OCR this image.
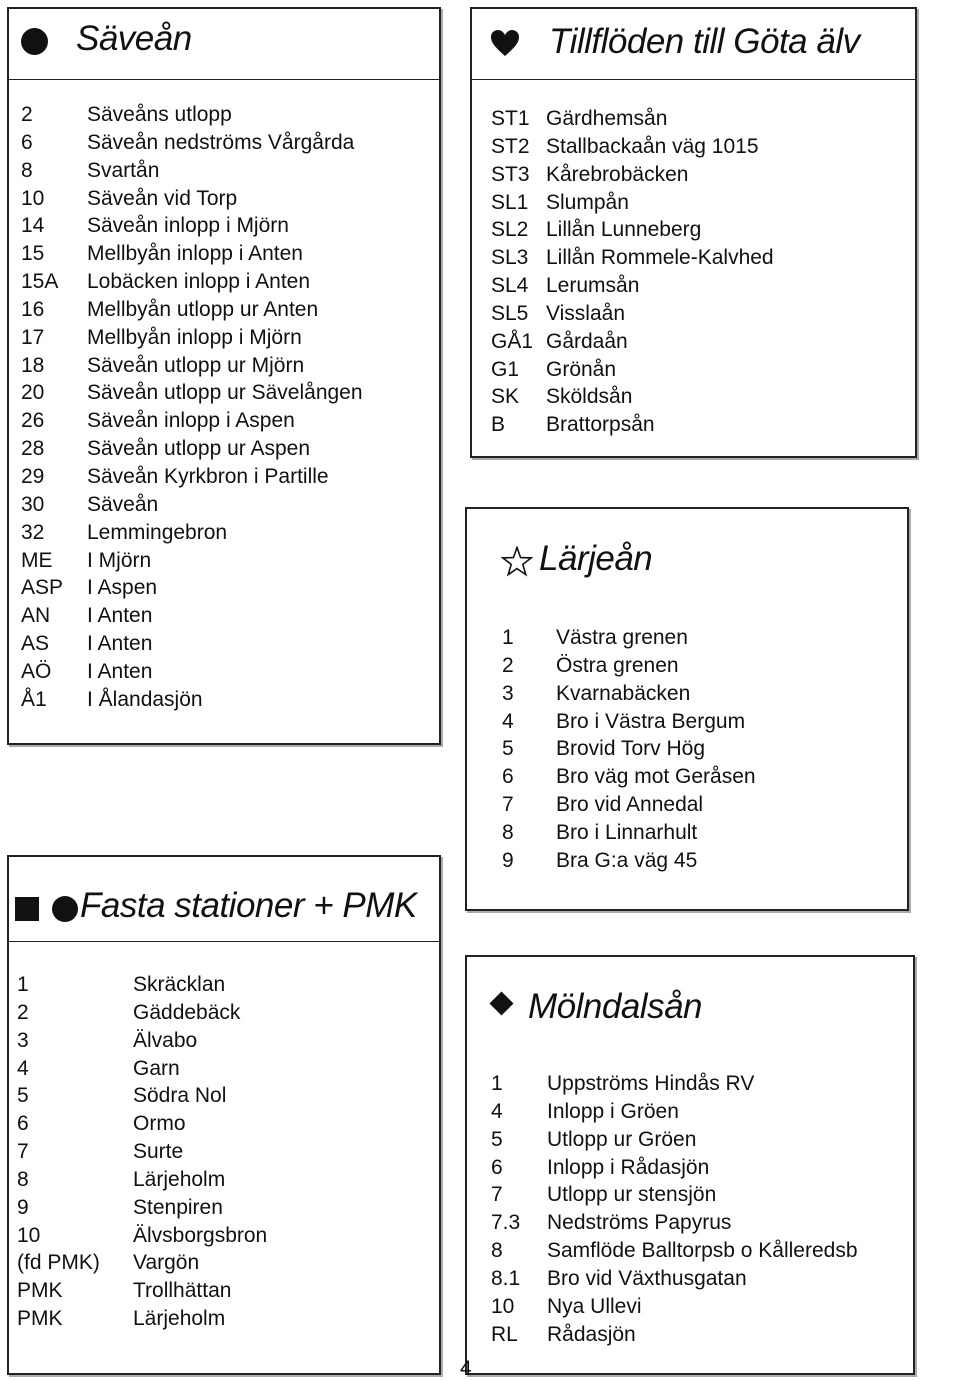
Säveån
2	Säveåns utlopp
6	Säveån nedströms Vårgårda
8	Svartån
10 Säveån vid Torp
14 Säveån inlopp i Mjörn
15 Mellbyån inlopp i Anten
15A Lobäcken inlopp i Anten
16 Mellbyån utlopp ur Anten
17 Mellbyån inlopp i Mjörn
18 Säveån utlopp ur Mjörn
20 Säveån utlopp ur Sävelången
26 Säveån inlopp i Aspen
28 Säveån utlopp ur Aspen
29 Säveån Kyrkbron i Partille
30 Säveån
32 Lemmingebron
ME I Mjörn
ASP I Aspen
AN I Anten
AS I Anten
AÖ I Anten
Å1 I Ålandasjön
Tillflöden till Göta älv
ST1 Gärdhemsån
ST2 Stallbackaån väg 1015
ST3 Kårebrobäcken
SL1 Slumpån
SL2 Lillån Lunneberg
SL3 Lillån Rommele-Kalvhed
SL4 Lerumsån
SL5 Visslaån
GÅ1 Gårdaån
G1 Grönån
SK Sköldsån
B Brattorpsån
Lärjeån
1 Västra grenen
2 Östra grenen
3 Kvarnabäcken
4 Bro i Västra Bergum
5 Brovid Torv Hög
6 Bro väg mot Geråsen
7 Bro vid Annedal
8 Bro i Linnarhult
9 Bra G:a väg 45
Fasta stationer + PMK
1	Skräcklan
2	Gäddebäck
3	Älvabo
4	Garn
5	Södra Nol
6	Ormo
7	Surte
8	Lärjeholm
9	Stenpiren
10	Älvsborgsbron
(fd PMK) Vargön
PMK	Trollhättan
PMK	Lärjeholm
Mölndalsån
1 Uppströms Hindås RV
4 Inlopp i Gröen
5 Utlopp ur Gröen
6 Inlopp i Rådasjön
7 Utlopp ur stensjön
7.3 Nedströms Papyrus
8 Samflöde Balltorpsb o Kålleredsb
8.1 Bro vid Växthusgatan
10 Nya Ullevi
RL Rådasjön
4
